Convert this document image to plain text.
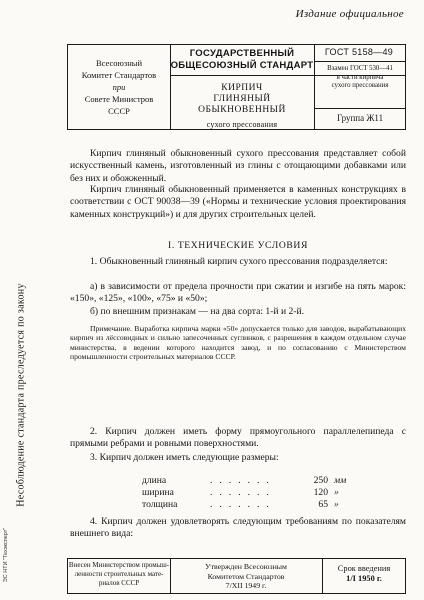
Издание официальное
Всесоюзный
Комитет Стандартов
при
Совете Министров
СССР
ГОСУДАРСТВЕННЫЙ
ОБЩЕСОЮЗНЫЙ СТАНДАРТ
КИРПИЧ
ГЛИНЯНЫЙ ОБЫКНОВЕННЫЙ
сухого прессования
ГОСТ 5158—49
Взамен ГОСТ 530—41
в части кирпича
сухого прессования
Группа Ж11
Кирпич глиняный обыкновенный сухого прессования представляет собой искусственный камень, изготовленный из глины с отощающими добавками или без них и обожженный.
Кирпич глиняный обыкновенный применяется в каменных конструкциях в соответствии с ОСТ 90038—39 («Нормы и технические условия проектирования каменных конструкций») и для других строительных целей.
I. ТЕХНИЧЕСКИЕ УСЛОВИЯ
1. Обыкновенный глиняный кирпич сухого прессования подразделяется:
а) в зависимости от предела прочности при сжатии и изгибе на пять марок: «150», «125», «100», «75» и «50»;
б) по внешним признакам — на два сорта: 1-й и 2-й.
Примечание. Выработка кирпича марки «50» допускается только для заводов, вырабатывающих кирпич из лёссовидных и сильно запесоченных суглинков, с разрешения в каждом отдельном случае министерства, в ведении которого находится завод, и по согласованию с Министерством промышленности строительных материалов СССР.
2. Кирпич должен иметь форму прямоугольного параллелепипеда с прямыми ребрами и ровными поверхностями.
3. Кирпич должен иметь следующие размеры:
длина	.......	250 мм
ширина	.......	120 »
толщина	.......	65 »
4. Кирпич должен удовлетворять следующим требованиям по показателям внешнего вида:
Несоблюдение стандарта преследуется по закону
ЭС НТИ "Техэксперт"	Внесен Министерством промыш-
ленности строительных мате-
риалов СССР
Утвержден Всесоюзным
Комитетом Стандартов
7/XII 1949 г.
Срок введения
1/I 1950 г.
